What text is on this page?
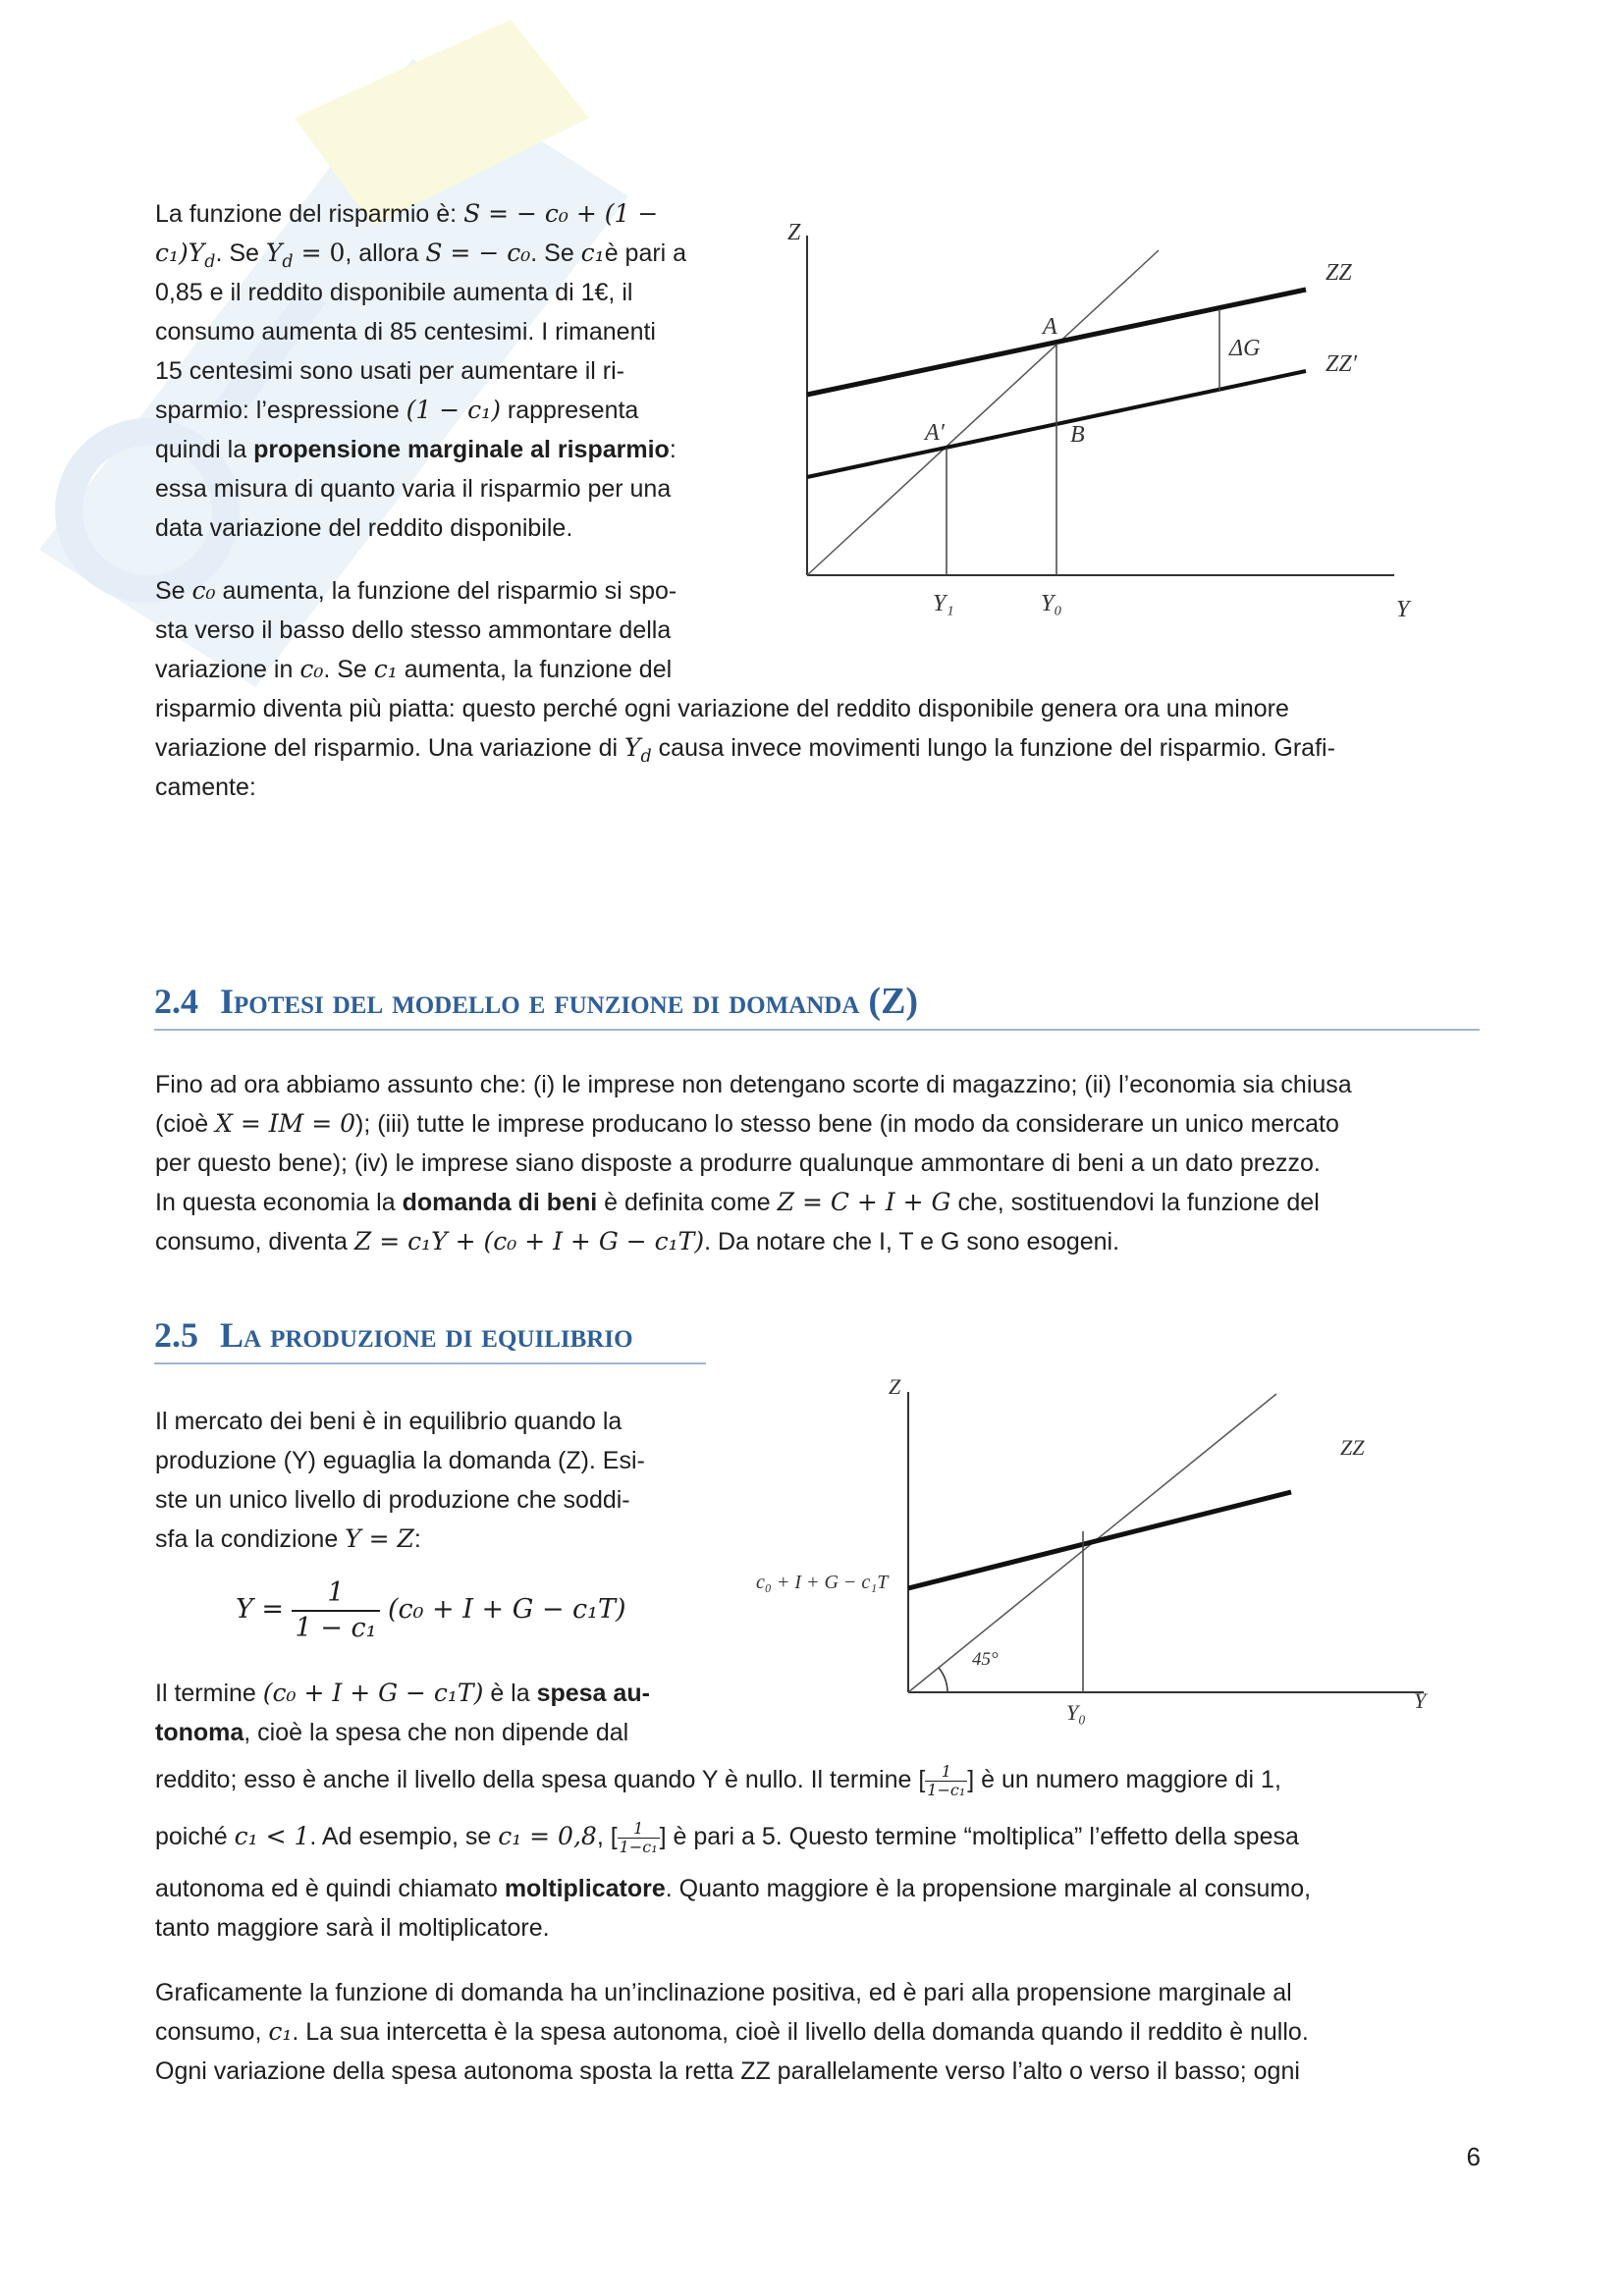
La funzione del risparmio è: S = − c₀ + (1 −

$c_1)Y_d$. Se $Y_d = 0$, allora S = − c₀. Se c₁è pari a

0,85 e il reddito disponibile aumenta di 1€, il

consumo aumenta di 85 centesimi. I rimanenti

15 centesimi sono usati per aumentare il ri-

sparmio: l’espressione (1 − c₁) rappresenta

quindi la propensione marginale al risparmio:

essa misura di quanto varia il risparmio per una

data variazione del reddito disponibile.

Z
ZZ
ZZ′
A
A′	B
ΔG
Y₁	Y₀	Y

Se c₀ aumenta, la funzione del risparmio si spo-

sta verso il basso dello stesso ammontare della

variazione in c₀. Se c₁ aumenta, la funzione del

risparmio diventa più piatta: questo perché ogni variazione del reddito disponibile genera ora una minore

variazione del risparmio. Una variazione di $Y_d$ causa invece movimenti lungo la funzione del risparmio. Grafi-

camente:

2.4 Ipotesi del modello e funzione di domanda (Z)

Fino ad ora abbiamo assunto che: (i) le imprese non detengano scorte di magazzino; (ii) l’economia sia chiusa

(cioè X = IM = 0); (iii) tutte le imprese producano lo stesso bene (in modo da considerare un unico mercato

per questo bene); (iv) le imprese siano disposte a produrre qualunque ammontare di beni a un dato prezzo.

In questa economia la domanda di beni è definita come Z = C + I + G che, sostituendovi la funzione del

consumo, diventa Z = c₁Y + (c₀ + I + G − c₁T). Da notare che I, T e G sono esogeni.

2.5 La produzione di equilibrio

Il mercato dei beni è in equilibrio quando la

produzione (Y) eguaglia la domanda (Z). Esi-

ste un unico livello di produzione che soddi-

sfa la condizione Y = Z:

$Y = \frac{1}{\text{1 − c₁}} (c_0 + I + G - c_1T)$
Z
ZZ
c₀ + I + G − c₁T
45°
Y₀	Y

Il termine (c₀ + I + G − c₁T) è la spesa au-

tonoma, cioè la spesa che non dipende dal

reddito; esso è anche il livello della spesa quando Y è nullo. Il termine [ $\frac{1}{\text{1−c₁}}$ ] è un numero maggiore di 1,

poiché c₁ < 1. Ad esempio, se c₁ = 0,8, [ $\frac{1}{\text{1−c₁}}$ ] è pari a 5. Questo termine “moltiplica” l’effetto della spesa

autonoma ed è quindi chiamato moltiplicatore. Quanto maggiore è la propensione marginale al consumo,

tanto maggiore sarà il moltiplicatore.

Graficamente la funzione di domanda ha un’inclinazione positiva, ed è pari alla propensione marginale al

consumo, c₁. La sua intercetta è la spesa autonoma, cioè il livello della domanda quando il reddito è nullo.

Ogni variazione della spesa autonoma sposta la retta ZZ parallelamente verso l’alto o verso il basso; ogni

6
